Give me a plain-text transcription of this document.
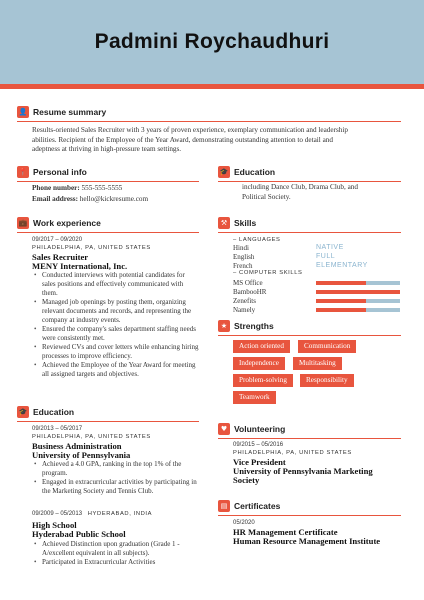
Padmini Roychaudhuri
👤 Resume summary
Results-oriented Sales Recruiter with 3 years of proven experience, exemplary communication and leadership
abilities. Recipient of the Employee of the Year Award, demonstrating outstanding attention to detail and
adeptness at thriving in high-pressure team settings.
📍 Personal info
Phone number: 555-555-5555
Email address: hello@kickresume.com
🎓 Education
including Dance Club, Drama Club, and
Political Society.
💼 Work experience
09/2017 – 09/2020
PHILADELPHIA, PA, UNITED STATES
Sales Recruiter
MENY International, Inc.
• Conducted interviews with potential candidates for sales positions and effectively communicated with them.
• Managed job openings by posting them, organizing relevant documents and records, and representing the company at industry events.
• Ensured the company's sales department staffing needs were consistently met.
• Reviewed CVs and cover letters while enhancing hiring processes to improve efficiency.
• Achieved the Employee of the Year Award for meeting all assigned targets and objectives.
🎓 Education
09/2013 – 05/2017
PHILADELPHIA, PA, UNITED STATES
Business Administration
University of Pennsylvania
• Achieved a 4.0 GPA, ranking in the top 1% of the program.
• Engaged in extracurricular activities by participating in the Marketing Society and Tennis Club.
09/2009 – 05/2013 HYDERABAD, INDIA
High School
Hyderabad Public School
• Achieved Distinction upon graduation (Grade 1 - A/excellent equivalent in all subjects).
• Participated in Extracurricular Activities
⚒ Skills
– LANGUAGES
Hindi	NATIVE
English	FULL
French	ELEMENTARY
– COMPUTER SKILLS
MS Office
BambooHR
Zenefits
Namely
★ Strengths
Action oriented	Communication
Independence	Multitasking
Problem-solving	Responsibility
Teamwork
♥ Volunteering
09/2015 – 05/2016
PHILADELPHIA, PA, UNITED STATES
Vice President
University of Pennsylvania Marketing
Society
▤ Certificates
05/2020
HR Management Certificate
Human Resource Management Institute
